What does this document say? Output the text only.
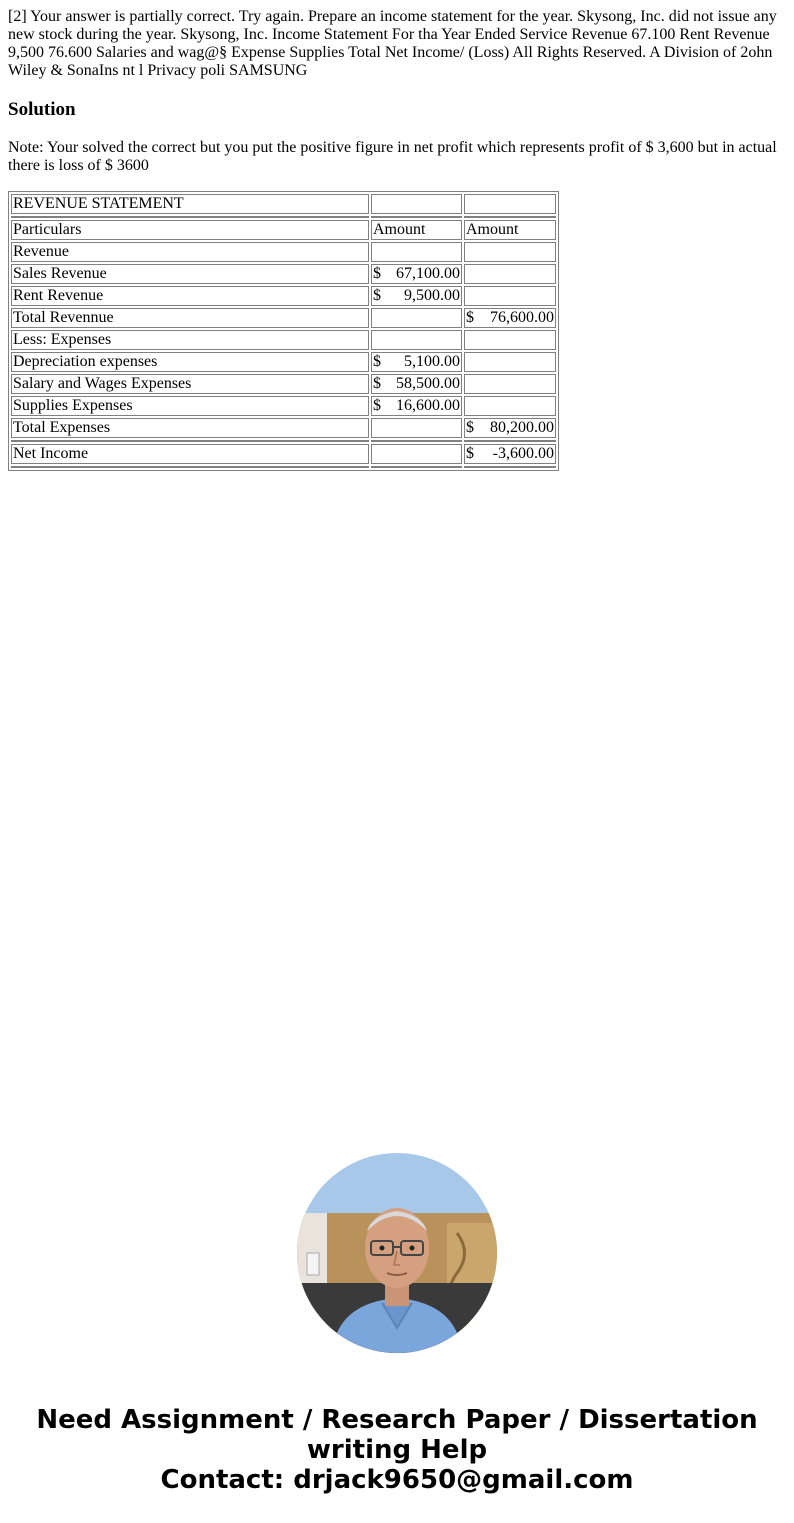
[2] Your answer is partially correct. Try again. Prepare an income statement for the year. Skysong, Inc. did not issue any new stock during the year. Skysong, Inc. Income Statement For tha Year Ended Service Revenue 67.100 Rent Revenue 9,500 76.600 Salaries and wag@§ Expense Supplies Total Net Income/ (Loss) All Rights Reserved. A Division of 2ohn Wiley & SonaIns nt l Privacy poli SAMSUNG

Solution

Note: Your solved the correct but you put the positive figure in net profit which represents profit of $ 3,600 but in actual there is loss of $ 3600

REVENUE STATEMENT		

Particulars	Amount	Amount
Revenue		
Sales Revenue	$ 67,100.00	

Rent Revenue	$ 9,500.00	

Total Revennue		$ 76,600.00

Less: Expenses		
Depreciation expenses	$ 5,100.00	

Salary and Wages Expenses	$ 58,500.00	

Supplies Expenses	$ 16,600.00	

Total Expenses		$ 80,200.00

Net Income		$ -3,600.00

Need Assignment / Research Paper / Dissertation
writing Help
Contact: drjack9650@gmail.com
